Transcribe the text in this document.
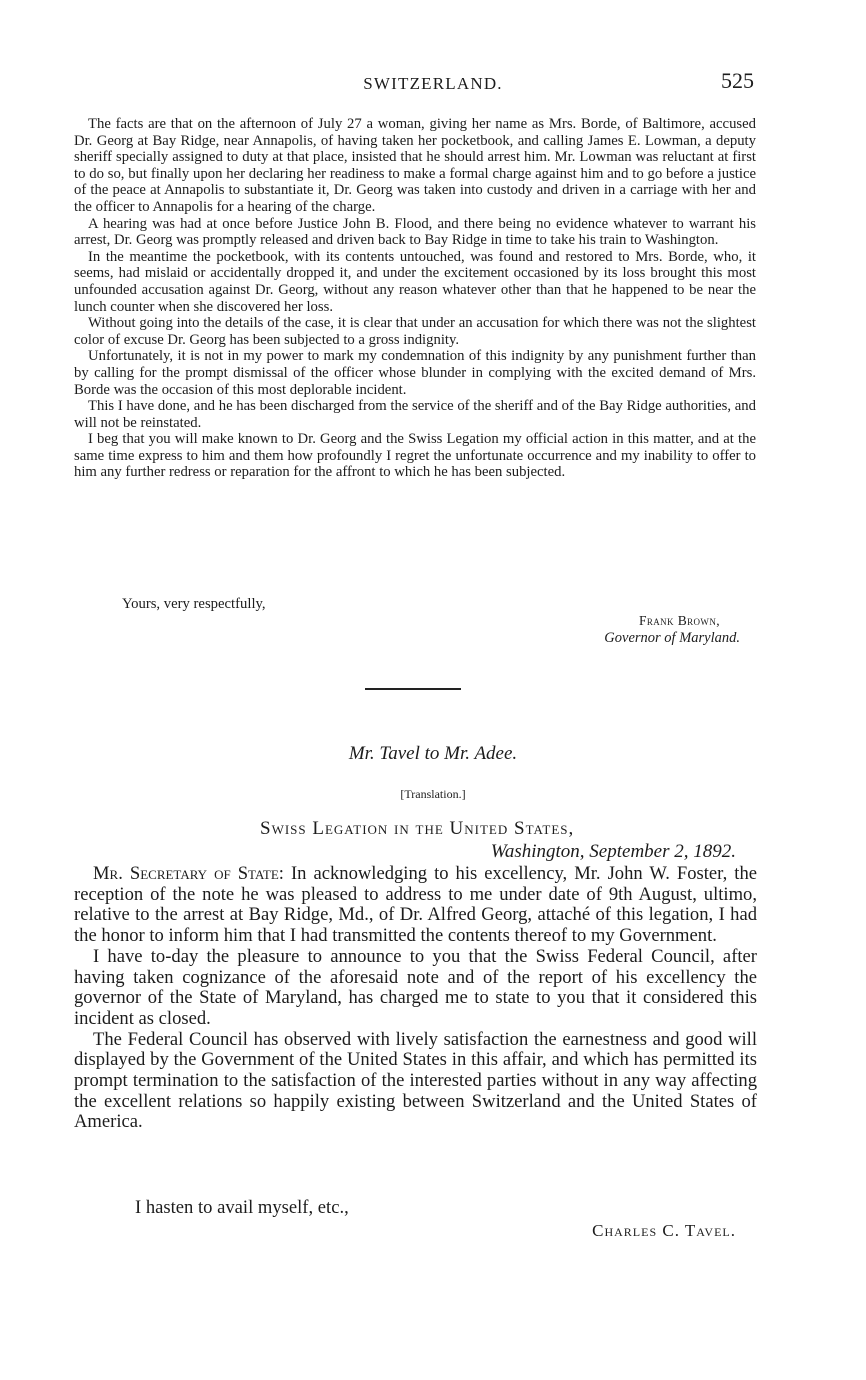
SWITZERLAND.	525

The facts are that on the afternoon of July 27 a woman, giving her name as Mrs. Borde, of Baltimore, accused Dr. Georg at Bay Ridge, near Annapolis, of having taken her pocketbook, and calling James E. Lowman, a deputy sheriff specially assigned to duty at that place, insisted that he should arrest him. Mr. Lowman was reluctant at first to do so, but finally upon her declaring her readiness to make a formal charge against him and to go before a justice of the peace at Annapolis to substantiate it, Dr. Georg was taken into custody and driven in a carriage with her and the officer to Annapolis for a hearing of the charge.

A hearing was had at once before Justice John B. Flood, and there being no evidence whatever to warrant his arrest, Dr. Georg was promptly released and driven back to Bay Ridge in time to take his train to Washington.

In the meantime the pocketbook, with its contents untouched, was found and restored to Mrs. Borde, who, it seems, had mislaid or accidentally dropped it, and under the excitement occasioned by its loss brought this most unfounded accusation against Dr. Georg, without any reason whatever other than that he happened to be near the lunch counter when she discovered her loss.

Without going into the details of the case, it is clear that under an accusation for which there was not the slightest color of excuse Dr. Georg has been subjected to a gross indignity.

Unfortunately, it is not in my power to mark my condemnation of this indignity by any punishment further than by calling for the prompt dismissal of the officer whose blunder in complying with the excited demand of Mrs. Borde was the occasion of this most deplorable incident.

This I have done, and he has been discharged from the service of the sheriff and of the Bay Ridge authorities, and will not be reinstated.

I beg that you will make known to Dr. Georg and the Swiss Legation my official action in this matter, and at the same time express to him and them how profoundly I regret the unfortunate occurrence and my inability to offer to him any further redress or reparation for the affront to which he has been subjected.

Yours, very respectfully,
Frank Brown,
Governor of Maryland.
Mr. Tavel to Mr. Adee.
[Translation.]
Swiss Legation in the United States,
Washington, September 2, 1892.

Mr. Secretary of State: In acknowledging to his excellency, Mr. John W. Foster, the reception of the note he was pleased to address to me under date of 9th August, ultimo, relative to the arrest at Bay Ridge, Md., of Dr. Alfred Georg, attaché of this legation, I had the honor to inform him that I had transmitted the contents thereof to my Government.

I have to-day the pleasure to announce to you that the Swiss Federal Council, after having taken cognizance of the aforesaid note and of the report of his excellency the governor of the State of Maryland, has charged me to state to you that it considered this incident as closed.

The Federal Council has observed with lively satisfaction the earnestness and good will displayed by the Government of the United States in this affair, and which has permitted its prompt termination to the satisfaction of the interested parties without in any way affecting the excellent relations so happily existing between Switzerland and the United States of America.

I hasten to avail myself, etc.,
Charles C. Tavel.
